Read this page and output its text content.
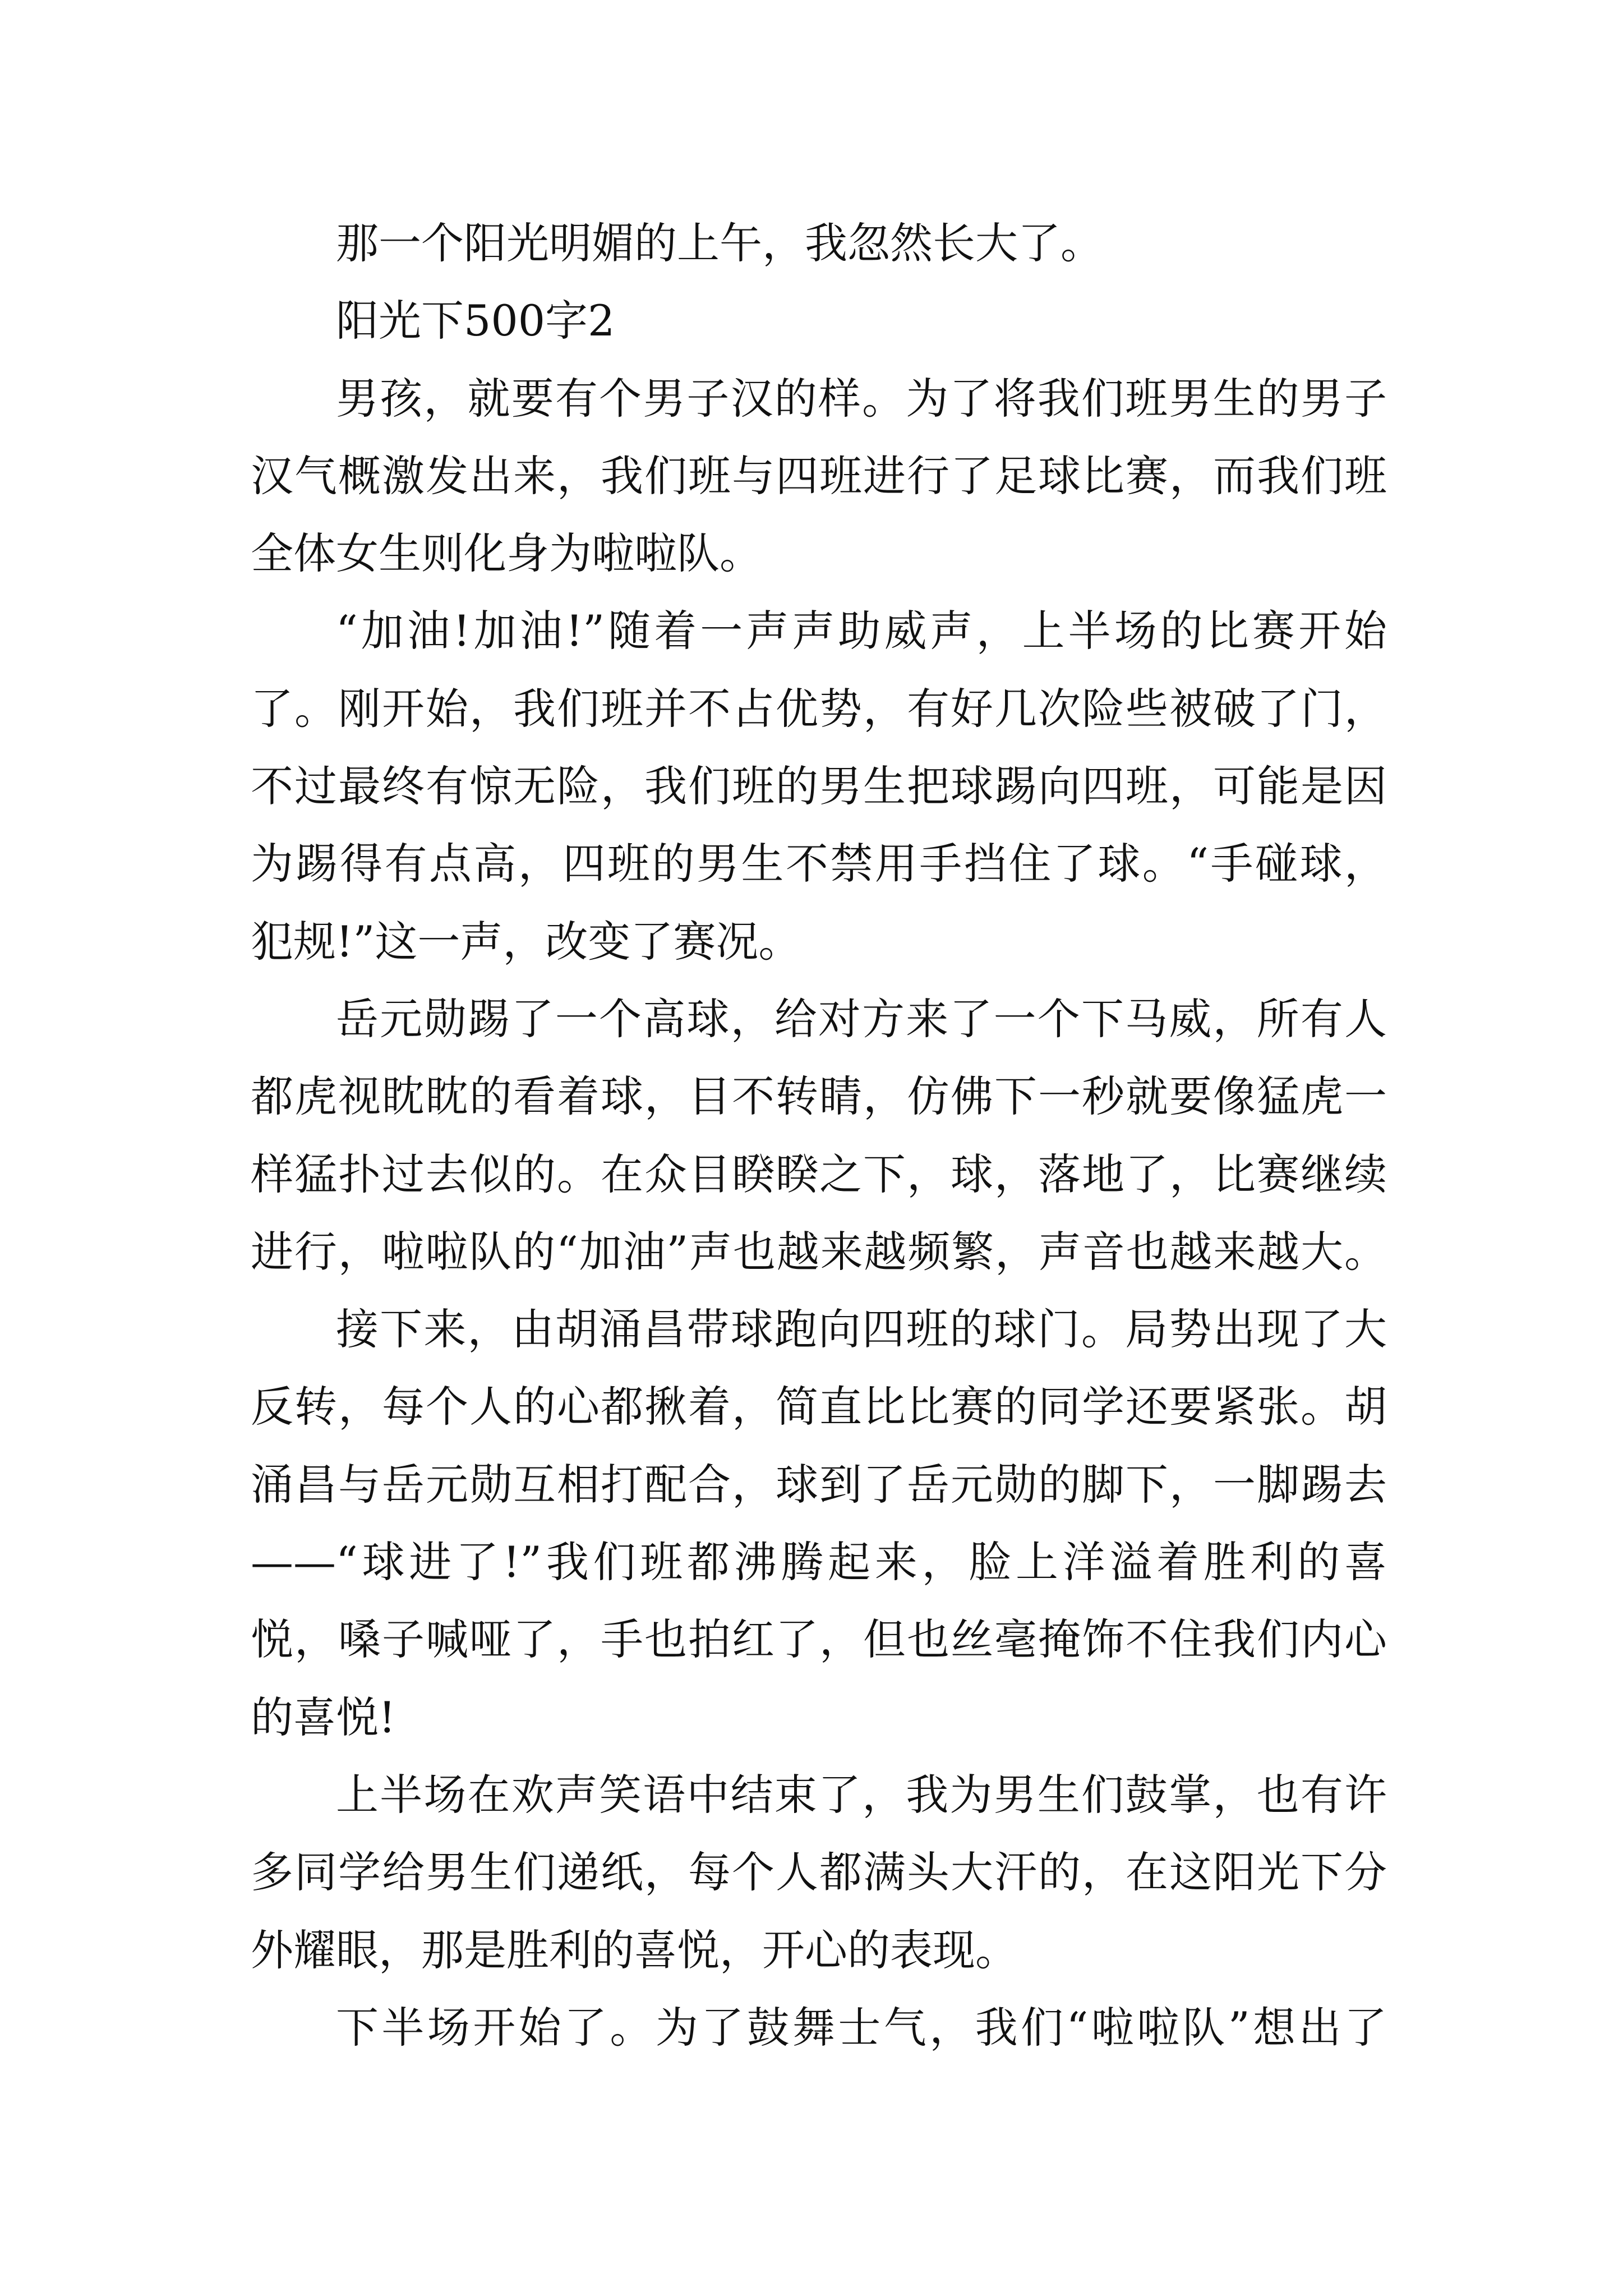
那一个阳光明媚的上午，我忽然长大了。
阳光下500字2
男孩，就要有个男子汉的样。为了将我们班男生的男子
汉气概激发出来，我们班与四班进行了足球比赛，而我们班
全体女生则化身为啦啦队。
“加油!加油!”随着一声声助威声，上半场的比赛开始
了。刚开始，我们班并不占优势，有好几次险些被破了门，
不过最终有惊无险，我们班的男生把球踢向四班，可能是因
为踢得有点高，四班的男生不禁用手挡住了球。“手碰球，
犯规!”这一声，改变了赛况。
岳元勋踢了一个高球，给对方来了一个下马威，所有人
都虎视眈眈的看着球，目不转睛，仿佛下一秒就要像猛虎一
样猛扑过去似的。在众目睽睽之下，球，落地了，比赛继续
进行，啦啦队的“加油”声也越来越频繁，声音也越来越大。
接下来，由胡涌昌带球跑向四班的球门。局势出现了大
反转，每个人的心都揪着，简直比比赛的同学还要紧张。胡
涌昌与岳元勋互相打配合，球到了岳元勋的脚下，一脚踢去
——“球进了!”我们班都沸腾起来，脸上洋溢着胜利的喜
悦，嗓子喊哑了，手也拍红了，但也丝毫掩饰不住我们内心
的喜悦!
上半场在欢声笑语中结束了，我为男生们鼓掌，也有许
多同学给男生们递纸，每个人都满头大汗的，在这阳光下分
外耀眼，那是胜利的喜悦，开心的表现。
下半场开始了。为了鼓舞士气，我们“啦啦队”想出了
